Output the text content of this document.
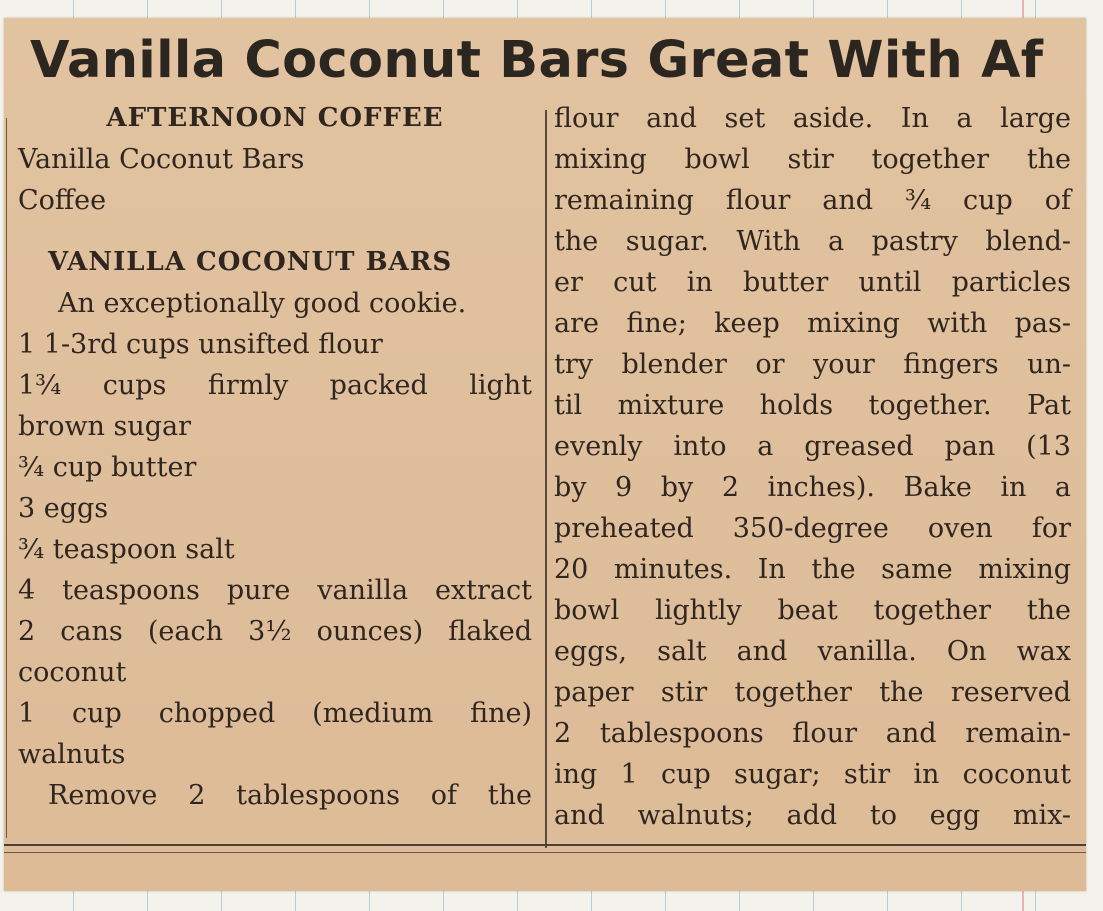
Vanilla Coconut Bars Great With Af
AFTERNOON COFFEE
Vanilla Coconut Bars
Coffee
VANILLA COCONUT BARS
An exceptionally good cookie.
1 1-3rd cups unsifted flour
1¾ cups firmly packed light
brown sugar
¾ cup butter
3 eggs
¾ teaspoon salt
4 teaspoons pure vanilla extract
2 cans (each 3½ ounces) flaked
coconut
1 cup chopped (medium fine)
walnuts
Remove 2 tablespoons of the
flour and set aside. In a large
mixing bowl stir together the
remaining flour and ¾ cup of
the sugar. With a pastry blend-
er cut in butter until particles
are fine; keep mixing with pas-
try blender or your fingers un-
til mixture holds together. Pat
evenly into a greased pan (13
by 9 by 2 inches). Bake in a
preheated 350-degree oven for
20 minutes. In the same mixing
bowl lightly beat together the
eggs, salt and vanilla. On wax
paper stir together the reserved
2 tablespoons flour and remain-
ing 1 cup sugar; stir in coconut
and walnuts; add to egg mix-
